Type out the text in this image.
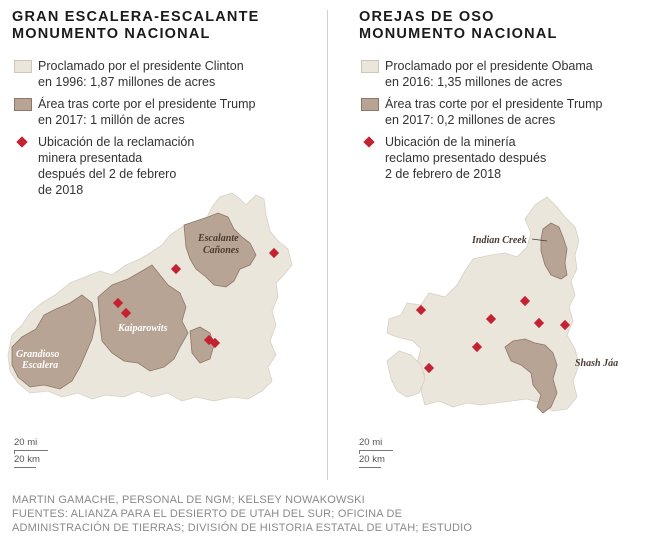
GRAN ESCALERA-ESCALANTE
MONUMENTO NACIONAL
Proclamado por el presidente Clinton
en 1996: 1,87 millones de acres
Área tras corte por el presidente Trump
en 2017: 1 millón de acres
Ubicación de la reclamación
minera presentada
después del 2 de febrero
de 2018
Escalante
Cañones
Kaiparowits
Grandioso
Escalera
20 mi
20 km
OREJAS DE OSO
MONUMENTO NACIONAL
Proclamado por el presidente Obama
en 2016: 1,35 millones de acres
Área tras corte por el presidente Trump
en 2017: 0,2 millones de acres
Ubicación de la minería
reclamo presentado después
2 de febrero de 2018
Indian Creek
Shash Jáa
20 mi
20 km
MARTIN GAMACHE, PERSONAL DE NGM; KELSEY NOWAKOWSKI
FUENTES: ALIANZA PARA EL DESIERTO DE UTAH DEL SUR; OFICINA DE
ADMINISTRACIÓN DE TIERRAS; DIVISIÓN DE HISTORIA ESTATAL DE UTAH; ESTUDIO
